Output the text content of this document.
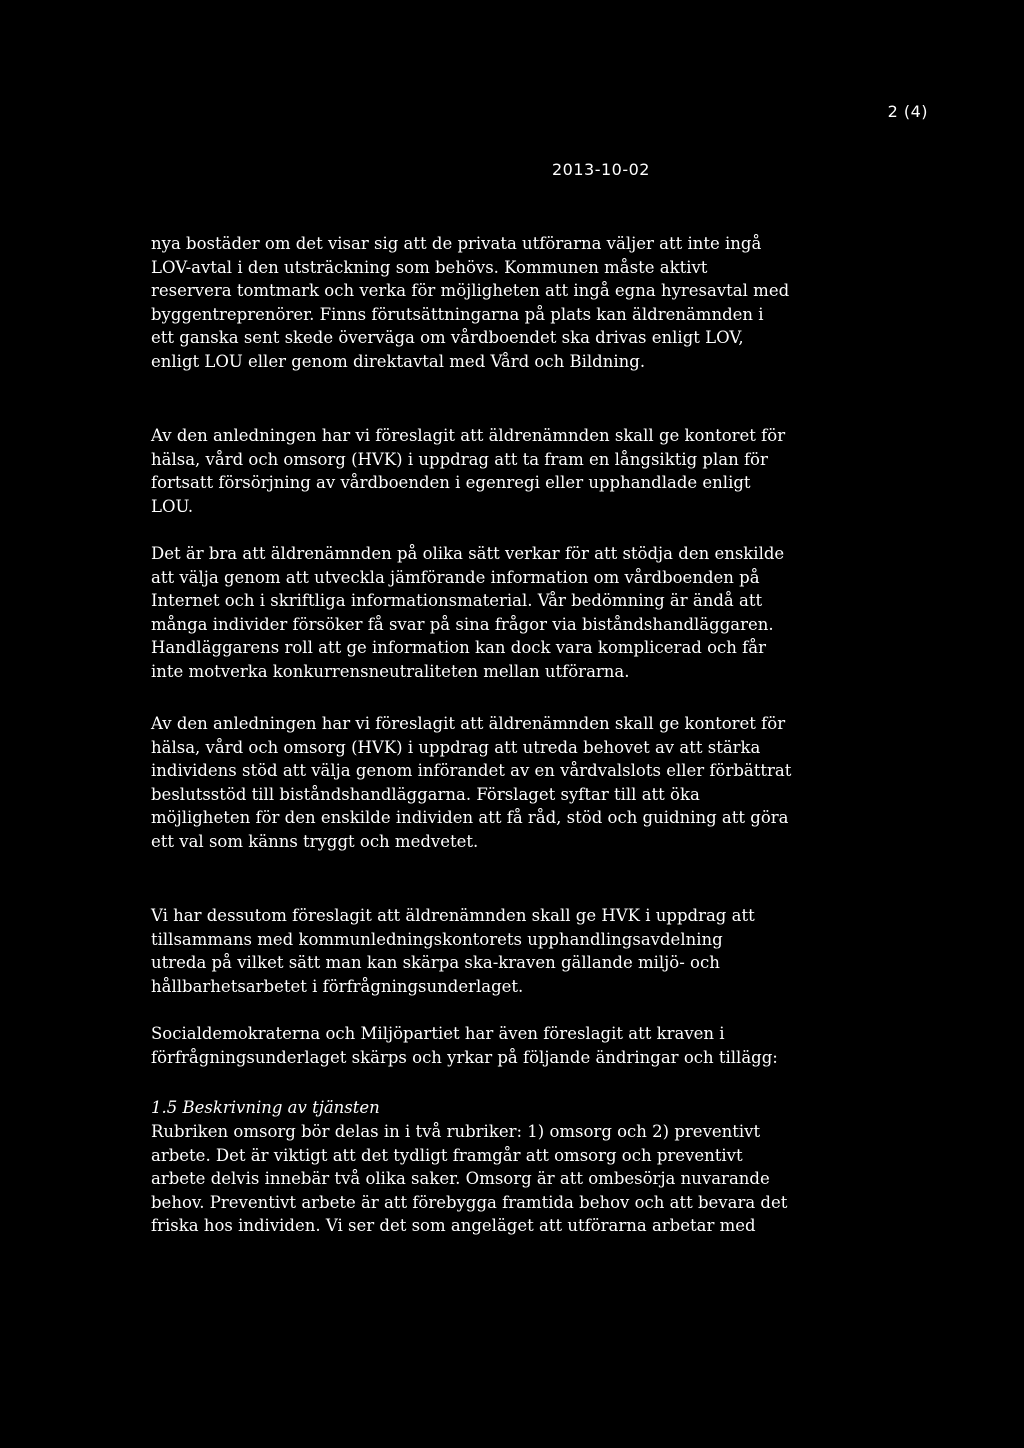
2 (4)
2013-10-02
nya bostäder om det visar sig att de privata utförarna väljer att inte ingå
LOV-avtal i den utsträckning som behövs. Kommunen måste aktivt
reservera tomtmark och verka för möjligheten att ingå egna hyresavtal med
byggentreprenörer. Finns förutsättningarna på plats kan äldrenämnden i
ett ganska sent skede överväga om vårdboendet ska drivas enligt LOV,
enligt LOU eller genom direktavtal med Vård och Bildning.
Av den anledningen har vi föreslagit att äldrenämnden skall ge kontoret för
hälsa, vård och omsorg (HVK) i uppdrag att ta fram en långsiktig plan för
fortsatt försörjning av vårdboenden i egenregi eller upphandlade enligt
LOU.
Det är bra att äldrenämnden på olika sätt verkar för att stödja den enskilde
att välja genom att utveckla jämförande information om vårdboenden på
Internet och i skriftliga informationsmaterial. Vår bedömning är ändå att
många individer försöker få svar på sina frågor via biståndshandläggaren.
Handläggarens roll att ge information kan dock vara komplicerad och får
inte motverka konkurrensneutraliteten mellan utförarna.
Av den anledningen har vi föreslagit att äldrenämnden skall ge kontoret för
hälsa, vård och omsorg (HVK) i uppdrag att utreda behovet av att stärka
individens stöd att välja genom införandet av en vårdvalslots eller förbättrat
beslutsstöd till biståndshandläggarna. Förslaget syftar till att öka
möjligheten för den enskilde individen att få råd, stöd och guidning att göra
ett val som känns tryggt och medvetet.
Vi har dessutom föreslagit att äldrenämnden skall ge HVK i uppdrag att
tillsammans med kommunledningskontorets upphandlingsavdelning
utreda på vilket sätt man kan skärpa ska-kraven gällande miljö- och
hållbarhetsarbetet i förfrågningsunderlaget.
Socialdemokraterna och Miljöpartiet har även föreslagit att kraven i
förfrågningsunderlaget skärps och yrkar på följande ändringar och tillägg:
1.5 Beskrivning av tjänsten
Rubriken omsorg bör delas in i två rubriker: 1) omsorg och 2) preventivt
arbete. Det är viktigt att det tydligt framgår att omsorg och preventivt
arbete delvis innebär två olika saker. Omsorg är att ombesörja nuvarande
behov. Preventivt arbete är att förebygga framtida behov och att bevara det
friska hos individen. Vi ser det som angeläget att utförarna arbetar med
